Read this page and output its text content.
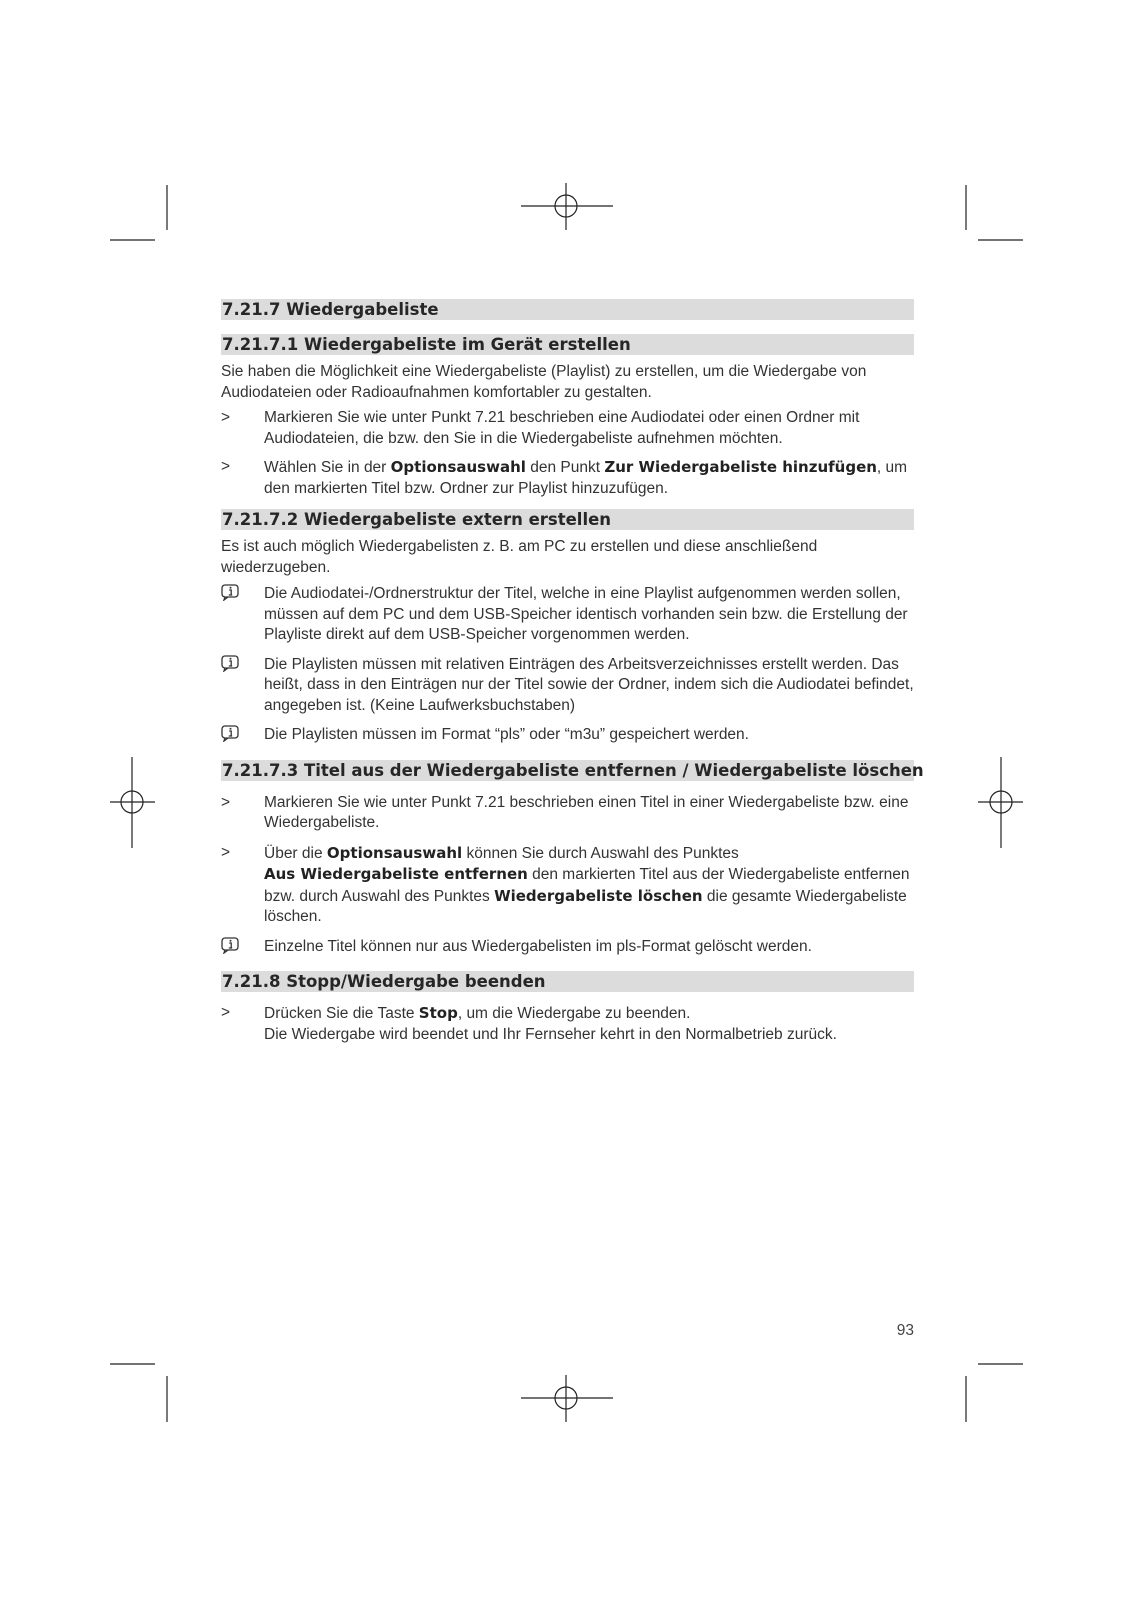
7.21.7 Wiedergabeliste
7.21.7.1 Wiedergabeliste im Gerät erstellen
Sie haben die Möglichkeit eine Wiedergabeliste (Playlist) zu erstellen, um die Wiedergabe von Audiodateien oder Radioaufnahmen komfortabler zu gestalten.
>	Markieren Sie wie unter Punkt 7.21 beschrieben eine Audiodatei oder einen Ordner mit Audiodateien, die bzw. den Sie in die Wiedergabeliste aufnehmen möchten.
>	Wählen Sie in der Optionsauswahl den Punkt Zur Wiedergabeliste hinzufügen, um den markierten Titel bzw. Ordner zur Playlist hinzuzufügen.
7.21.7.2 Wiedergabeliste extern erstellen
Es ist auch möglich Wiedergabelisten z. B. am PC zu erstellen und diese anschließend wiederzugeben.
Die Audiodatei-/Ordnerstruktur der Titel, welche in eine Playlist aufgenommen werden sollen, müssen auf dem PC und dem USB-Speicher identisch vorhanden sein bzw. die Erstellung der Playliste direkt auf dem USB-Speicher vorgenommen werden.
Die Playlisten müssen mit relativen Einträgen des Arbeitsverzeichnisses erstellt werden. Das heißt, dass in den Einträgen nur der Titel sowie der Ordner, indem sich die Audiodatei befindet, angegeben ist. (Keine Laufwerksbuchstaben)
Die Playlisten müssen im Format “pls” oder “m3u” gespeichert werden.
7.21.7.3 Titel aus der Wiedergabeliste entfernen / Wiedergabeliste löschen
>	Markieren Sie wie unter Punkt 7.21 beschrieben einen Titel in einer Wiedergabeliste bzw. eine Wiedergabeliste.
>	Über die Optionsauswahl können Sie durch Auswahl des Punktes
Aus Wiedergabeliste entfernen den markierten Titel aus der Wiedergabeliste entfernen bzw. durch Auswahl des Punktes Wiedergabeliste löschen die gesamte Wiedergabeliste löschen.
Einzelne Titel können nur aus Wiedergabelisten im pls-Format gelöscht werden.
7.21.8 Stopp/Wiedergabe beenden
>	Drücken Sie die Taste Stop, um die Wiedergabe zu beenden.
Die Wiedergabe wird beendet und Ihr Fernseher kehrt in den Normalbetrieb zurück.
93
